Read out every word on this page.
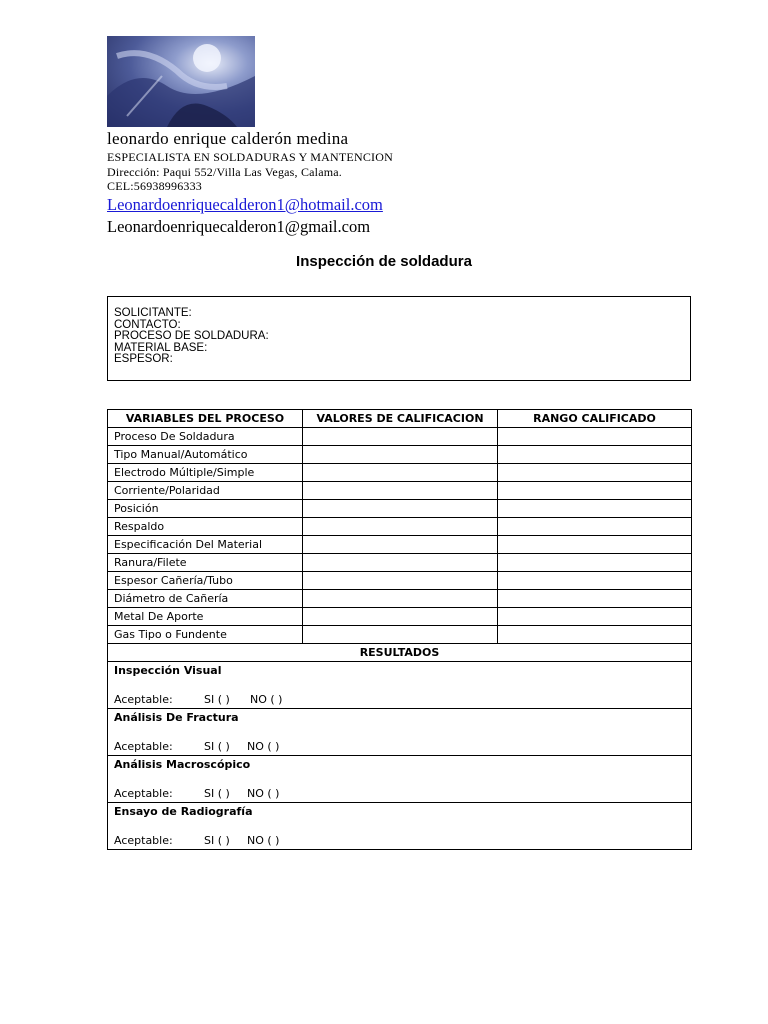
leonardo enrique calderón medina
ESPECIALISTA EN SOLDADURAS Y MANTENCION
Dirección: Paqui 552/Villa Las Vegas, Calama.
CEL:56938996333
Leonardoenriquecalderon1@hotmail.com
Leonardoenriquecalderon1@gmail.com
Inspección de soldadura
SOLICITANTE:
CONTACTO:
PROCESO DE SOLDADURA:
MATERIAL BASE:
ESPESOR:
VARIABLES DEL PROCESO	VALORES DE CALIFICACION	RANGO CALIFICADO
Proceso De Soldadura		
Tipo Manual/Automático		
Electrodo Múltiple/Simple		
Corriente/Polaridad		
Posición		
Respaldo		
Especificación Del Material		
Ranura/Filete		
Espesor Cañería/Tubo		
Diámetro de Cañería		
Metal De Aporte		
Gas Tipo o Fundente		
RESULTADOS		

Inspección Visual
Aceptable: SI ( ) NO ( )		

Análisis De Fractura
Aceptable: SI ( ) NO ( )		

Análisis Macroscópico
Aceptable: SI ( ) NO ( )		

Ensayo de Radiografía
Aceptable: SI ( ) NO ( )		
